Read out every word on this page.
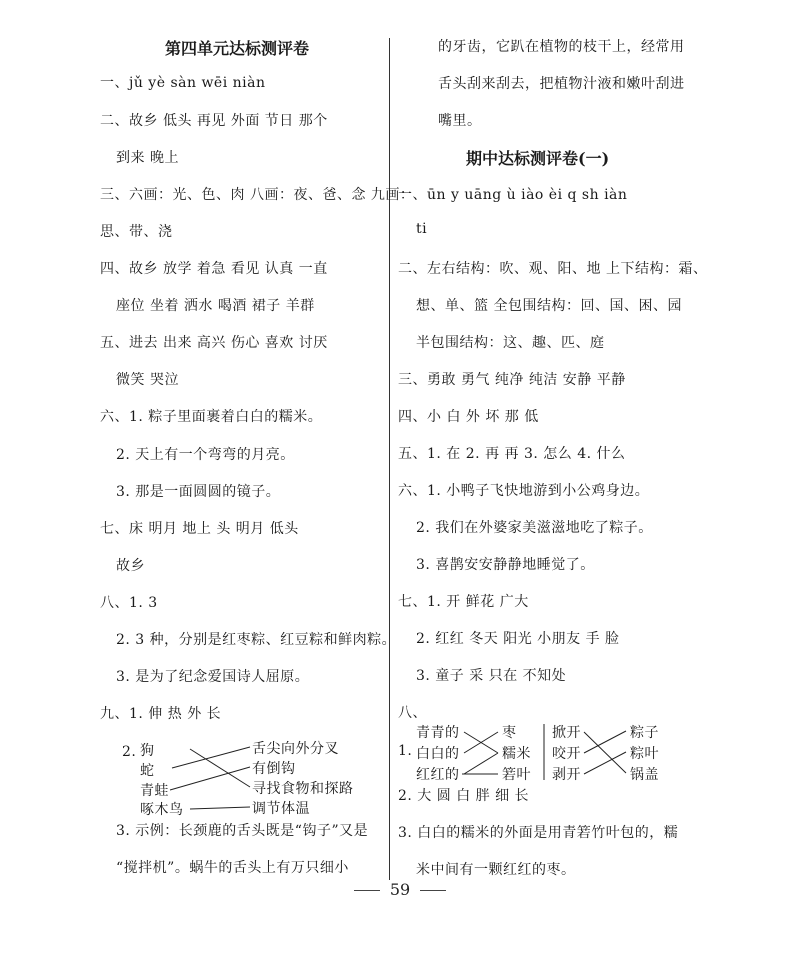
第四单元达标测评卷
一、jǔ yè sàn wēi niàn
二、故乡 低头 再见 外面 节日 那个
到来 晚上
三、六画：光、色、肉 八画：夜、爸、念 九画：
思、带、浇
四、故乡 放学 着急 看见 认真 一直
座位 坐着 洒水 喝酒 裙子 羊群
五、进去 出来 高兴 伤心 喜欢 讨厌
微笑 哭泣
六、1. 粽子里面裹着白白的糯米。
2. 天上有一个弯弯的月亮。
3. 那是一面圆圆的镜子。
七、床 明月 地上 头 明月 低头
故乡
八、1. 3
2. 3 种，分别是红枣粽、红豆粽和鲜肉粽。
3. 是为了纪念爱国诗人屈原。
九、1. 伸 热 外 长
2. 狗
蛇
青蛙
啄木鸟
舌尖向外分叉
有倒钩
寻找食物和探路
调节体温
3. 示例：长颈鹿的舌头既是“钩子”又是
“搅拌机”。蜗牛的舌头上有万只细小
的牙齿，它趴在植物的枝干上，经常用
舌头刮来刮去，把植物汁液和嫩叶刮进
嘴里。
期中达标测评卷(一)
一、ūn y uāng ù iào èi q sh iàn
ti
二、左右结构：吹、观、阳、地 上下结构：霜、
想、单、篮 全包围结构：回、国、困、园
半包围结构：这、趣、匹、庭
三、勇敢 勇气 纯净 纯洁 安静 平静
四、小 白 外 坏 那 低
五、1. 在 2. 再 再 3. 怎么 4. 什么
六、1. 小鸭子飞快地游到小公鸡身边。
2. 我们在外婆家美滋滋地吃了粽子。
3. 喜鹊安安静静地睡觉了。
七、1. 开 鲜花 广大
2. 红红 冬天 阳光 小朋友 手 脸
3. 童子 采 只在 不知处
八、
1.
青青的
白白的
红红的
枣
糯米
箬叶
掀开
咬开
剥开
粽子
粽叶
锅盖
2. 大 圆 白 胖 细 长
3. 白白的糯米的外面是用青箬竹叶包的，糯
米中间有一颗红红的枣。
59
